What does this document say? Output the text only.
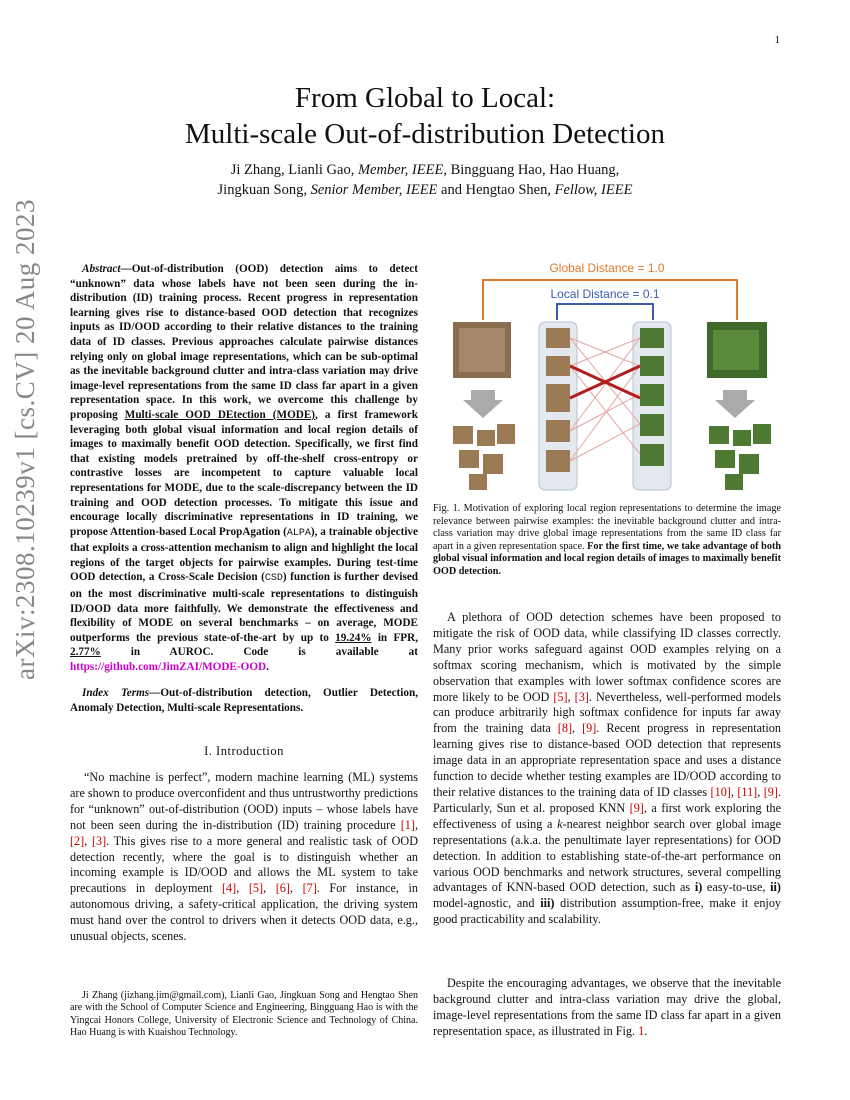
1
arXiv:2308.10239v1 [cs.CV] 20 Aug 2023
From Global to Local:
Multi-scale Out-of-distribution Detection
Ji Zhang, Lianli Gao, Member, IEEE, Bingguang Hao, Hao Huang,
Jingkuan Song, Senior Member, IEEE and Hengtao Shen, Fellow, IEEE
Abstract—Out-of-distribution (OOD) detection aims to detect “unknown” data whose labels have not been seen during the in-distribution (ID) training process. Recent progress in representation learning gives rise to distance-based OOD detection that recognizes inputs as ID/OOD according to their relative distances to the training data of ID classes. Previous approaches calculate pairwise distances relying only on global image representations, which can be sub-optimal as the inevitable background clutter and intra-class variation may drive image-level representations from the same ID class far apart in a given representation space. In this work, we overcome this challenge by proposing Multi-scale OOD DEtection (MODE), a first framework leveraging both global visual information and local region details of images to maximally benefit OOD detection. Specifically, we first find that existing models pretrained by off-the-shelf cross-entropy or contrastive losses are incompetent to capture valuable local representations for MODE, due to the scale-discrepancy between the ID training and OOD detection processes. To mitigate this issue and encourage locally discriminative representations in ID training, we propose Attention-based Local PropAgation (ALPA), a trainable objective that exploits a cross-attention mechanism to align and highlight the local regions of the target objects for pairwise examples. During test-time OOD detection, a Cross-Scale Decision (CSD) function is further devised on the most discriminative multi-scale representations to distinguish ID/OOD data more faithfully. We demonstrate the effectiveness and flexibility of MODE on several benchmarks – on average, MODE outperforms the previous state-of-the-art by up to 19.24% in FPR, 2.77% in AUROC. Code is available at https://github.com/JimZAI/MODE-OOD.
Index Terms—Out-of-distribution detection, Outlier Detection, Anomaly Detection, Multi-scale Representations.
I. Introduction

“No machine is perfect”, modern machine learning (ML) systems are shown to produce overconfident and thus untrustworthy predictions for “unknown” out-of-distribution (OOD) inputs – whose labels have not been seen during the in-distribution (ID) training procedure [1], [2], [3]. This gives rise to a more general and realistic task of OOD detection recently, where the goal is to distinguish whether an incoming example is ID/OOD and allows the ML system to take precautions in deployment [4], [5], [6], [7]. For instance, in autonomous driving, a safety-critical application, the driving system must hand over the control to drivers when it detects OOD data, e.g., unusual objects, scenes.

Ji Zhang (jizhang.jim@gmail.com), Lianli Gao, Jingkuan Song and Hengtao Shen are with the School of Computer Science and Engineering, Bingguang Hao is with the Yingcai Honors College, University of Electronic Science and Technology of China. Hao Huang is with Kuaishou Technology.
Global Distance = 1.0
Local Distance = 0.1
Fig. 1. Motivation of exploring local region representations to determine the image relevance between pairwise examples: the inevitable background clutter and intra-class variation may drive global image representations from the same ID class far apart in a given representation space. For the first time, we take advantage of both global visual information and local region details of images to maximally benefit OOD detection.

A plethora of OOD detection schemes have been proposed to mitigate the risk of OOD data, while classifying ID classes correctly. Many prior works safeguard against OOD examples relying on a softmax scoring mechanism, which is motivated by the simple observation that examples with lower softmax confidence scores are more likely to be OOD [5], [3]. Nevertheless, well-performed models can produce arbitrarily high softmax confidence for inputs far away from the training data [8], [9]. Recent progress in representation learning gives rise to distance-based OOD detection that represents image data in an appropriate representation space and uses a distance function to decide whether testing examples are ID/OOD according to their relative distances to the training data of ID classes [10], [11], [9]. Particularly, Sun et al. proposed KNN [9], a first work exploring the effectiveness of using a k-nearest neighbor search over global image representations (a.k.a. the penultimate layer representations) for OOD detection. In addition to establishing state-of-the-art performance on various OOD benchmarks and network structures, several compelling advantages of KNN-based OOD detection, such as i) easy-to-use, ii) model-agnostic, and iii) distribution assumption-free, make it enjoy good practicability and scalability.

Despite the encouraging advantages, we observe that the inevitable background clutter and intra-class variation may drive the global, image-level representations from the same ID class far apart in a given representation space, as illustrated in Fig. 1.
